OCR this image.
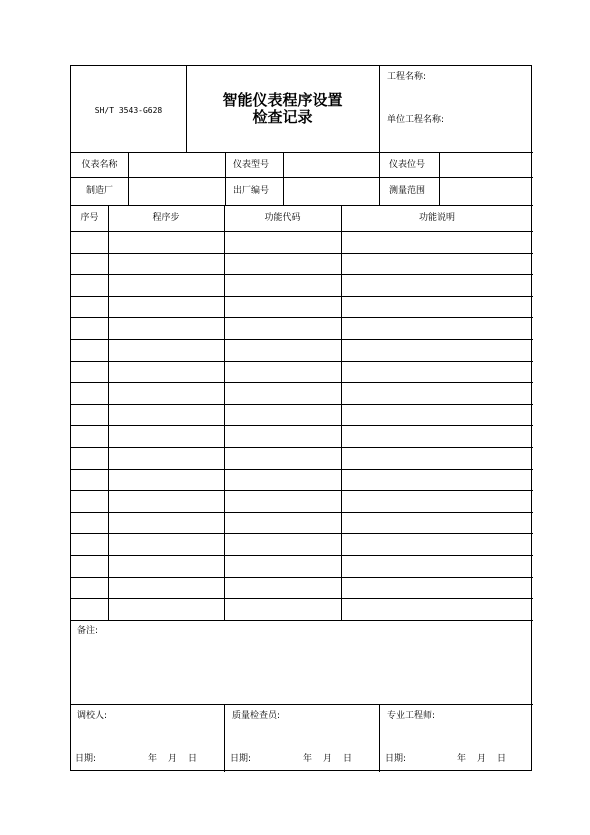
SH/T 3543-G628
智能仪表程序设置
检查记录
工程名称:
单位工程名称:
仪表名称	仪表型号	仪表位号
制造厂	出厂编号	测量范围
序号	程序步	功能代码	功能说明
备注:
调校人:
日期:	年 月 日
质量检查员:
日期:	年 月 日
专业工程师:
日期:	年 月 日
